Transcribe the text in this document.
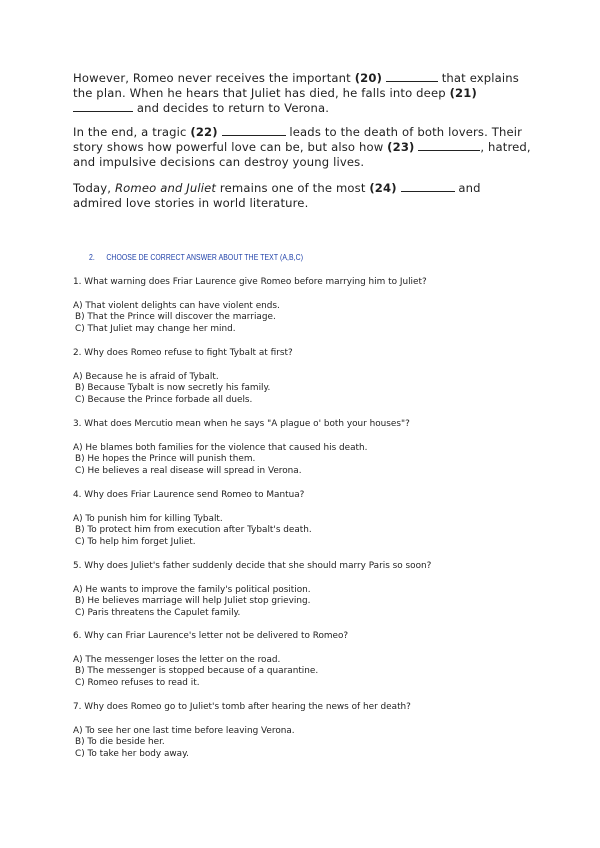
However, Romeo never receives the important (20)	that explains the plan. When he hears that Juliet has died, he falls into deep (21)  and decides to return to Verona.

In the end, a tragic (22)	leads to the death of both lovers. Their story shows how powerful love can be, but also how (23)	, hatred, and impulsive decisions can destroy young lives.

Today, Romeo and Juliet remains one of the most (24)	and admired love stories in world literature.

2. CHOOSE DE CORRECT ANSWER ABOUT THE TEXT (A,B,C)
1. What warning does Friar Laurence give Romeo before marrying him to Juliet?
A) That violent delights can have violent ends.
B) That the Prince will discover the marriage.
C) That Juliet may change her mind.
2. Why does Romeo refuse to fight Tybalt at first?
A) Because he is afraid of Tybalt.
B) Because Tybalt is now secretly his family.
C) Because the Prince forbade all duels.
3. What does Mercutio mean when he says "A plague o' both your houses"?
A) He blames both families for the violence that caused his death.
B) He hopes the Prince will punish them.
C) He believes a real disease will spread in Verona.
4. Why does Friar Laurence send Romeo to Mantua?
A) To punish him for killing Tybalt.
B) To protect him from execution after Tybalt's death.
C) To help him forget Juliet.
5. Why does Juliet's father suddenly decide that she should marry Paris so soon?
A) He wants to improve the family's political position.
B) He believes marriage will help Juliet stop grieving.
C) Paris threatens the Capulet family.
6. Why can Friar Laurence's letter not be delivered to Romeo?
A) The messenger loses the letter on the road.
B) The messenger is stopped because of a quarantine.
C) Romeo refuses to read it.
7. Why does Romeo go to Juliet's tomb after hearing the news of her death?
A) To see her one last time before leaving Verona.
B) To die beside her.
C) To take her body away.
